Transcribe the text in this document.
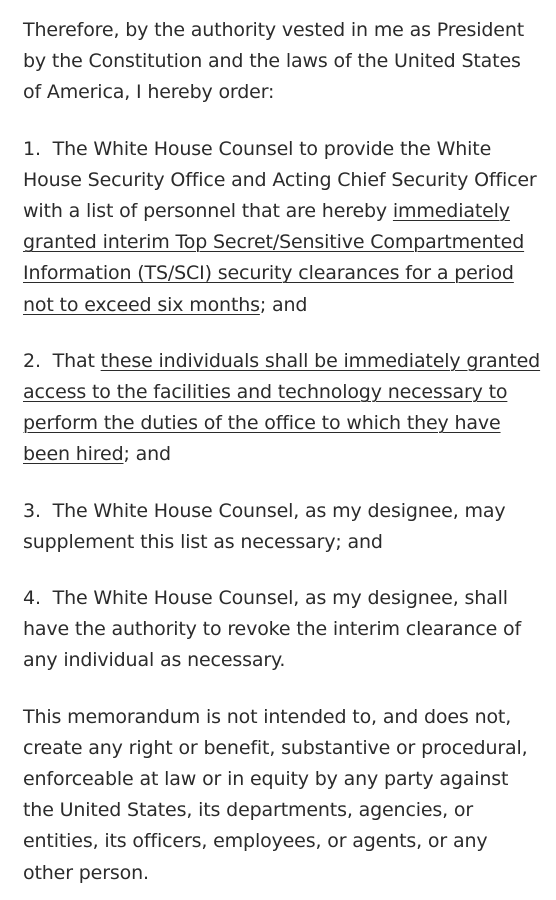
Therefore, by the authority vested in me as President by the Constitution and the laws of the United States of America, I hereby order:

1. The White House Counsel to provide the White House Security Office and Acting Chief Security Officer with a list of personnel that are hereby immediately granted interim Top Secret/Sensitive Compartmented Information (TS/SCI) security clearances for a period not to exceed six months; and

2. That these individuals shall be immediately granted access to the facilities and technology necessary to perform the duties of the office to which they have been hired; and

3. The White House Counsel, as my designee, may supplement this list as necessary; and

4. The White House Counsel, as my designee, shall have the authority to revoke the interim clearance of any individual as necessary.

This memorandum is not intended to, and does not, create any right or benefit, substantive or procedural, enforceable at law or in equity by any party against the United States, its departments, agencies, or entities, its officers, employees, or agents, or any other person.
